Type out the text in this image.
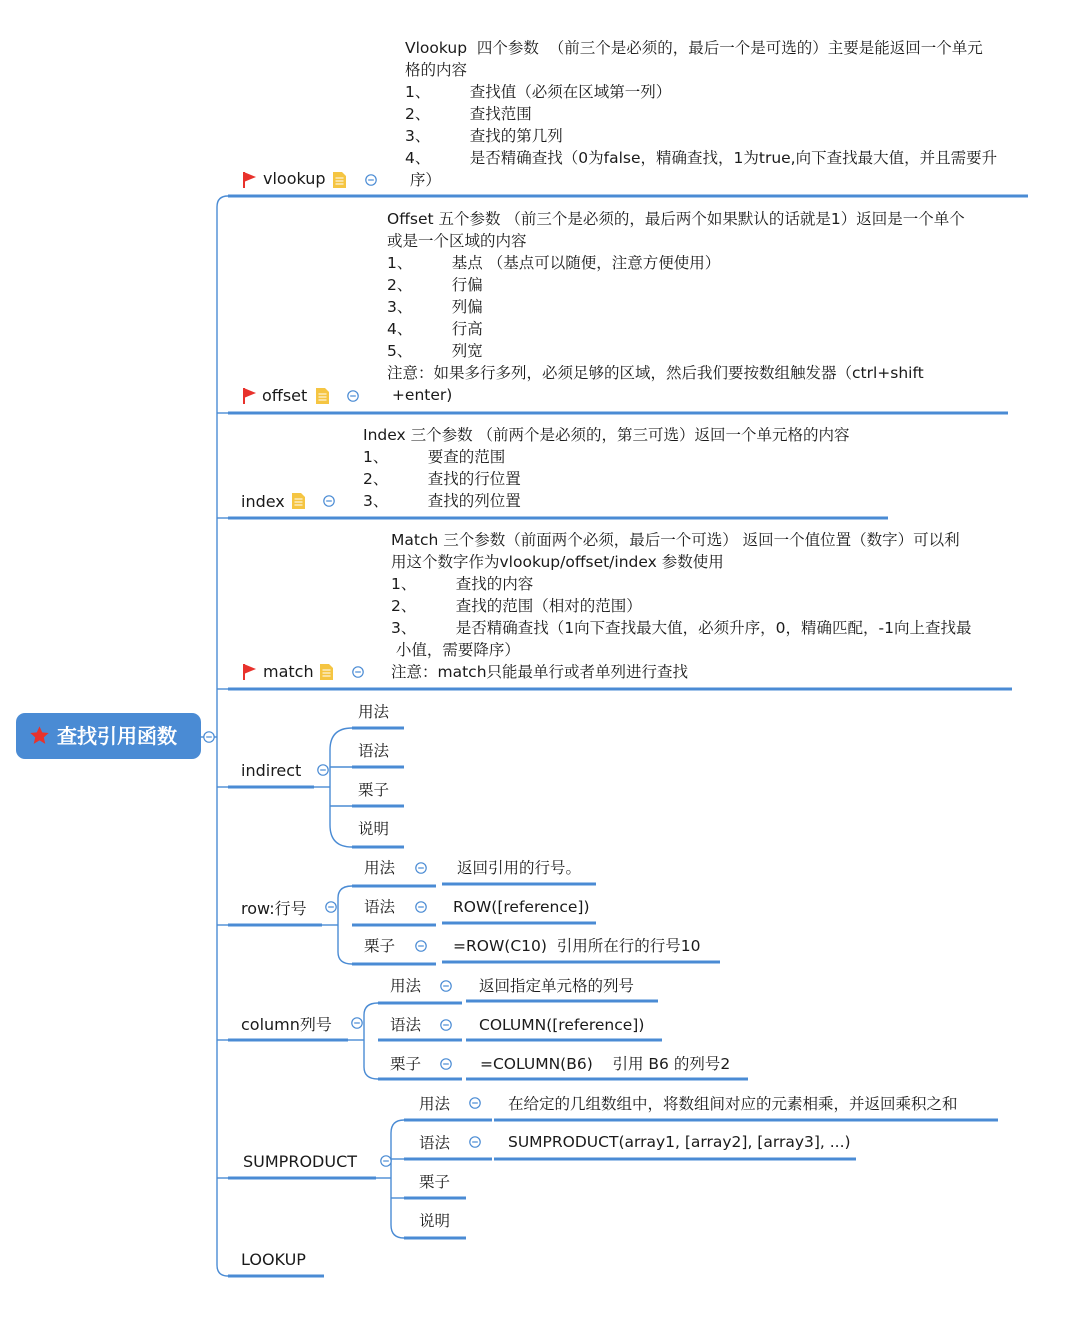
查找引用函数
vlookup
Vlookup  四个参数  （前三个是必须的，最后一个是可选的）主要是能返回一个单元
格的内容
1、        查找值（必须在区域第一列）
2、        查找范围
3、        查找的第几列
4、        是否精确查找（0为false，精确查找，1为true,向下查找最大值，并且需要升
序）
offset
Offset 五个参数 （前三个是必须的，最后两个如果默认的话就是1）返回是一个单个
或是一个区域的内容
1、        基点 （基点可以随便，注意方便使用）
2、        行偏
3、        列偏
4、        行高
5、        列宽
注意：如果多行多列，必须足够的区域，然后我们要按数组触发器（ctrl+shift
+enter)
index
Index 三个参数 （前两个是必须的，第三可选）返回一个单元格的内容
1、        要查的范围
2、        查找的行位置
3、        查找的列位置
match
Match 三个参数（前面两个必须，最后一个可选） 返回一个值位置（数字）可以利
用这个数字作为vlookup/offset/index 参数使用
1、        查找的内容
2、        查找的范围（相对的范围）
3、        是否精确查找（1向下查找最大值，必须升序，0，精确匹配，-1向上查找最
小值，需要降序）
注意：match只能最单行或者单列进行查找
indirect
用法
语法
栗子
说明
row:行号
用法	返回引用的行号。
语法	ROW([reference])
栗子	=ROW(C10)  引用所在行的行号10
column列号
用法	返回指定单元格的列号
语法	COLUMN([reference])
栗子	=COLUMN(B6)    引用 B6 的列号2
SUMPRODUCT
用法	在给定的几组数组中，将数组间对应的元素相乘，并返回乘积之和
语法	SUMPRODUCT(array1, [array2], [array3], ...)
栗子
说明
LOOKUP
